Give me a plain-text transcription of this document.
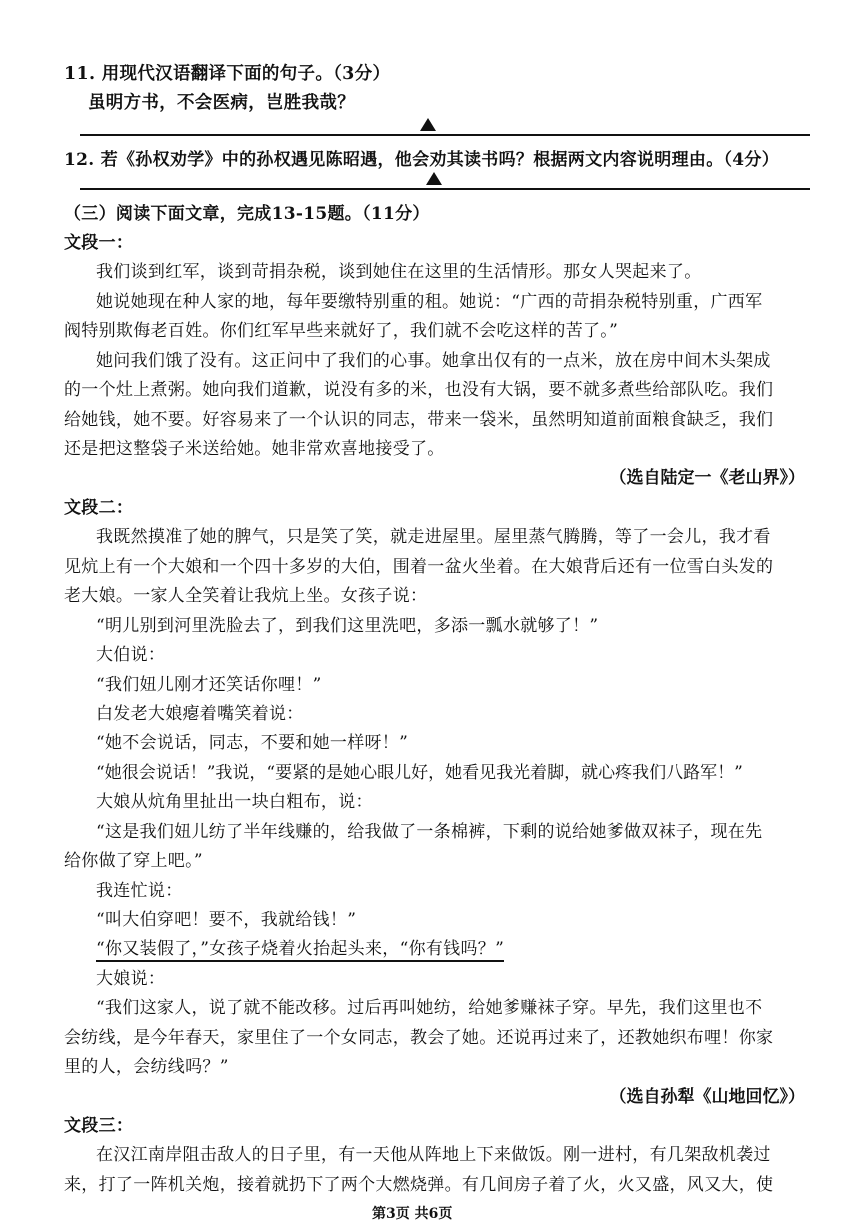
11. 用现代汉语翻译下面的句子。（3分）
虽明方书，不会医病，岂胜我哉？
12. 若《孙权劝学》中的孙权遇见陈昭遇，他会劝其读书吗？根据两文内容说明理由。（4分）
（三）阅读下面文章，完成13-15题。（11分）
文段一：
我们谈到红军，谈到苛捐杂税，谈到她住在这里的生活情形。那女人哭起来了。
她说她现在种人家的地，每年要缴特别重的租。她说：“广西的苛捐杂税特别重，广西军
阀特别欺侮老百姓。你们红军早些来就好了，我们就不会吃这样的苦了。”
她问我们饿了没有。这正问中了我们的心事。她拿出仅有的一点米，放在房中间木头架成
的一个灶上煮粥。她向我们道歉，说没有多的米，也没有大锅，要不就多煮些给部队吃。我们
给她钱，她不要。好容易来了一个认识的同志，带来一袋米，虽然明知道前面粮食缺乏，我们
还是把这整袋子米送给她。她非常欢喜地接受了。
（选自陆定一《老山界》）
文段二：
我既然摸准了她的脾气，只是笑了笑，就走进屋里。屋里蒸气腾腾，等了一会儿，我才看
见炕上有一个大娘和一个四十多岁的大伯，围着一盆火坐着。在大娘背后还有一位雪白头发的
老大娘。一家人全笑着让我炕上坐。女孩子说：
“明儿别到河里洗脸去了，到我们这里洗吧，多添一瓢水就够了！”
大伯说：
“我们妞儿刚才还笑话你哩！”
白发老大娘瘪着嘴笑着说：
“她不会说话，同志，不要和她一样呀！”
“她很会说话！”我说，“要紧的是她心眼儿好，她看见我光着脚，就心疼我们八路军！”
大娘从炕角里扯出一块白粗布，说：
“这是我们妞儿纺了半年线赚的，给我做了一条棉裤，下剩的说给她爹做双袜子，现在先
给你做了穿上吧。”
我连忙说：
“叫大伯穿吧！要不，我就给钱！”
“你又装假了，”女孩子烧着火抬起头来，“你有钱吗？”
大娘说：
“我们这家人，说了就不能改移。过后再叫她纺，给她爹赚袜子穿。早先，我们这里也不
会纺线，是今年春天，家里住了一个女同志，教会了她。还说再过来了，还教她织布哩！你家
里的人，会纺线吗？”
（选自孙犁《山地回忆》）
文段三：
在汉江南岸阻击敌人的日子里，有一天他从阵地上下来做饭。刚一进村，有几架敌机袭过
来，打了一阵机关炮，接着就扔下了两个大燃烧弹。有几间房子着了火，火又盛，风又大，使
第3页 共6页
